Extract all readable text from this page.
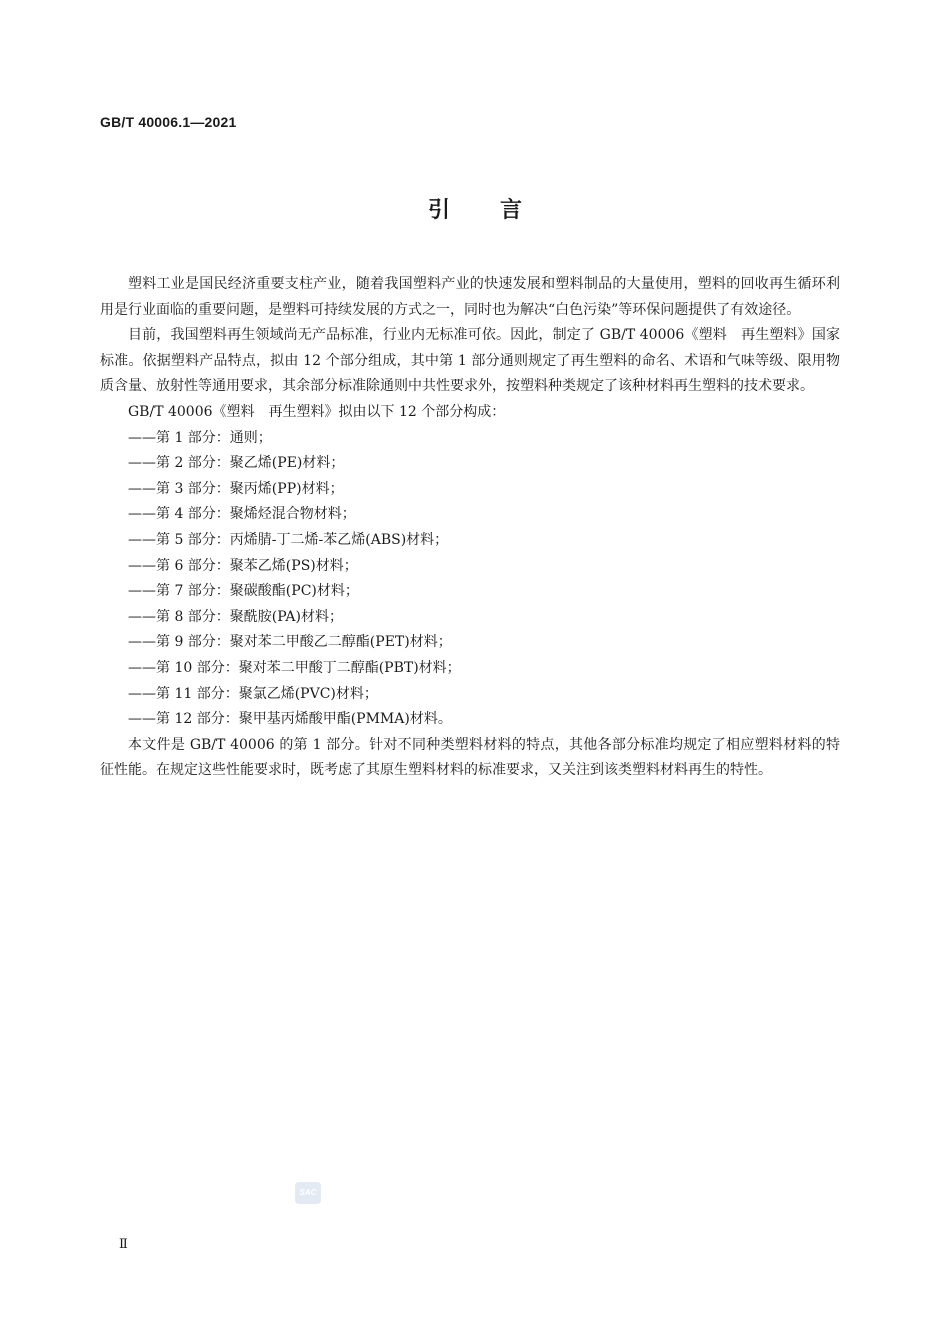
GB/T 40006.1—2021
引言

塑料工业是国民经济重要支柱产业，随着我国塑料产业的快速发展和塑料制品的大量使用，塑料的回收再生循环利用是行业面临的重要问题，是塑料可持续发展的方式之一，同时也为解决“白色污染”等环保问题提供了有效途径。

目前，我国塑料再生领域尚无产品标准，行业内无标准可依。因此，制定了 GB/T 40006《塑料　再生塑料》国家标准。依据塑料产品特点，拟由 12 个部分组成，其中第 1 部分通则规定了再生塑料的命名、术语和气味等级、限用物质含量、放射性等通用要求，其余部分标准除通则中共性要求外，按塑料种类规定了该种材料再生塑料的技术要求。

GB/T 40006《塑料　再生塑料》拟由以下 12 个部分构成：

——第 1 部分：通则；
——第 2 部分：聚乙烯(PE)材料；
——第 3 部分：聚丙烯(PP)材料；
——第 4 部分：聚烯烃混合物材料；
——第 5 部分：丙烯腈-丁二烯-苯乙烯(ABS)材料；
——第 6 部分：聚苯乙烯(PS)材料；
——第 7 部分：聚碳酸酯(PC)材料；
——第 8 部分：聚酰胺(PA)材料；
——第 9 部分：聚对苯二甲酸乙二醇酯(PET)材料；
——第 10 部分：聚对苯二甲酸丁二醇酯(PBT)材料；
——第 11 部分：聚氯乙烯(PVC)材料；
——第 12 部分：聚甲基丙烯酸甲酯(PMMA)材料。

本文件是 GB/T 40006 的第 1 部分。针对不同种类塑料材料的特点，其他各部分标准均规定了相应塑料材料的特征性能。在规定这些性能要求时，既考虑了其原生塑料材料的标准要求，又关注到该类塑料材料再生的特性。

SAC
Ⅱ
